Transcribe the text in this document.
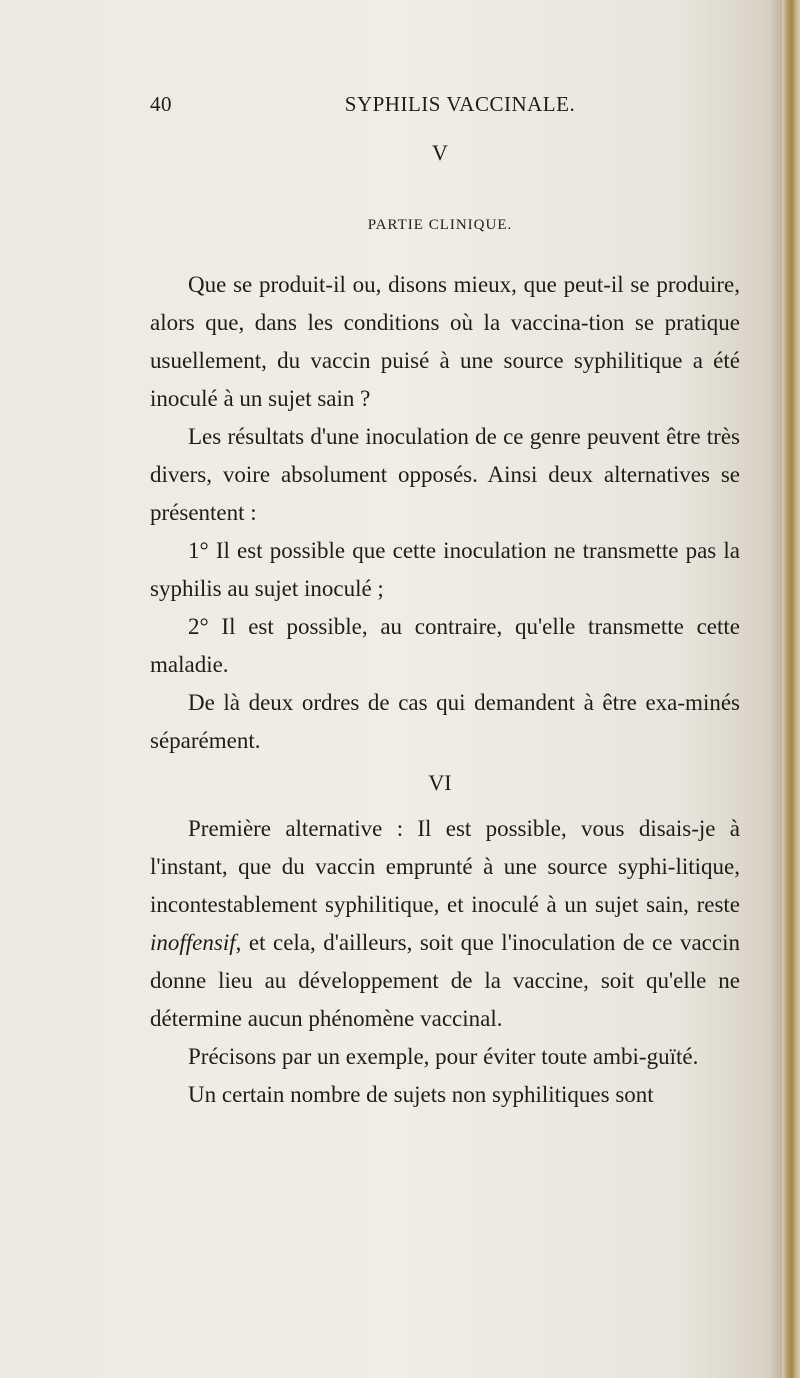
40	SYPHILIS VACCINALE.
V
PARTIE CLINIQUE.

Que se produit-il ou, disons mieux, que peut-il se produire, alors que, dans les conditions où la vaccina-tion se pratique usuellement, du vaccin puisé à une source syphilitique a été inoculé à un sujet sain ?

Les résultats d'une inoculation de ce genre peuvent être très divers, voire absolument opposés. Ainsi deux alternatives se présentent :

1° Il est possible que cette inoculation ne transmette pas la syphilis au sujet inoculé ;

2° Il est possible, au contraire, qu'elle transmette cette maladie.

De là deux ordres de cas qui demandent à être exa-minés séparément.

VI

Première alternative : Il est possible, vous disais-je à l'instant, que du vaccin emprunté à une source syphi-litique, incontestablement syphilitique, et inoculé à un sujet sain, reste inoffensif, et cela, d'ailleurs, soit que l'inoculation de ce vaccin donne lieu au développement de la vaccine, soit qu'elle ne détermine aucun phénomène vaccinal.

Précisons par un exemple, pour éviter toute ambi-guïté.

Un certain nombre de sujets non syphilitiques sont
